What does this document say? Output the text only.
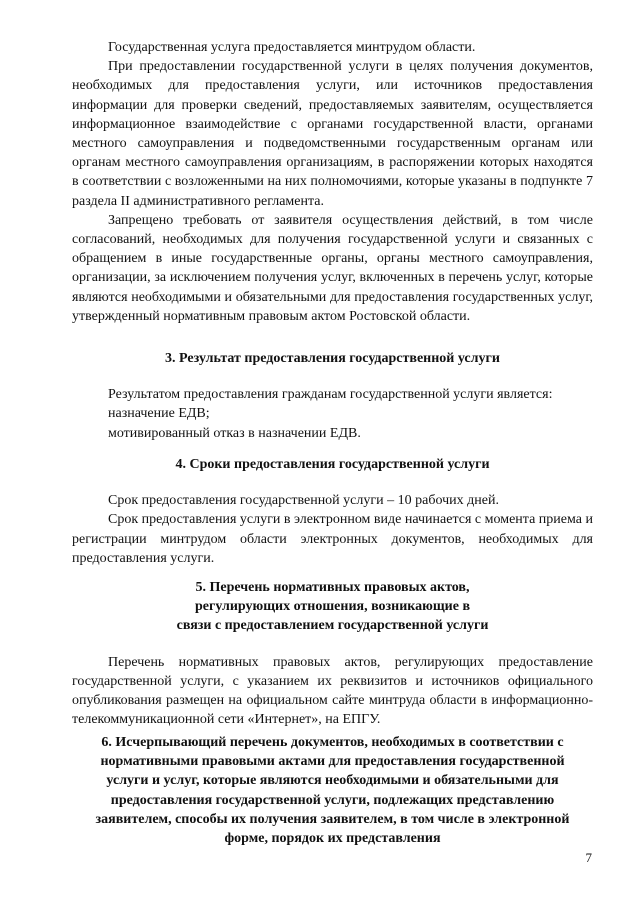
Государственная услуга предоставляется минтрудом области.

При предоставлении государственной услуги в целях получения документов, необходимых для предоставления услуги, или источников предоставления информации для проверки сведений, предоставляемых заявителям, осуществляется информационное взаимодействие с органами государственной власти, органами местного самоуправления и подведомственными государственным органам или органам местного самоуправления организациям, в распоряжении которых находятся в соответствии с возложенными на них полномочиями, которые указаны в подпункте 7 раздела II административного регламента.

Запрещено требовать от заявителя осуществления действий, в том числе согласований, необходимых для получения государственной услуги и связанных с обращением в иные государственные органы, органы местного самоуправления, организации, за исключением получения услуг, включенных в перечень услуг, которые являются необходимыми и обязательными для предоставления государственных услуг, утвержденный нормативным правовым актом Ростовской области.

3. Результат предоставления государственной услуги

Результатом предоставления гражданам государственной услуги является:

назначение ЕДВ;

мотивированный отказ в назначении ЕДВ.

4. Сроки предоставления государственной услуги

Срок предоставления государственной услуги – 10 рабочих дней.

Срок предоставления услуги в электронном виде начинается с момента приема и регистрации минтрудом области электронных документов, необходимых для предоставления услуги.

5. Перечень нормативных правовых актов,

регулирующих отношения, возникающие в

связи с предоставлением государственной услуги

Перечень нормативных правовых актов, регулирующих предоставление государственной услуги, с указанием их реквизитов и источников официального опубликования размещен на официальном сайте минтруда области в информационно-телекоммуникационной сети «Интернет», на ЕПГУ.

6. Исчерпывающий перечень документов, необходимых в соответствии с

нормативными правовыми актами для предоставления государственной

услуги и услуг, которые являются необходимыми и обязательными для

предоставления государственной услуги, подлежащих представлению

заявителем, способы их получения заявителем, в том числе в электронной

форме, порядок их представления

7
